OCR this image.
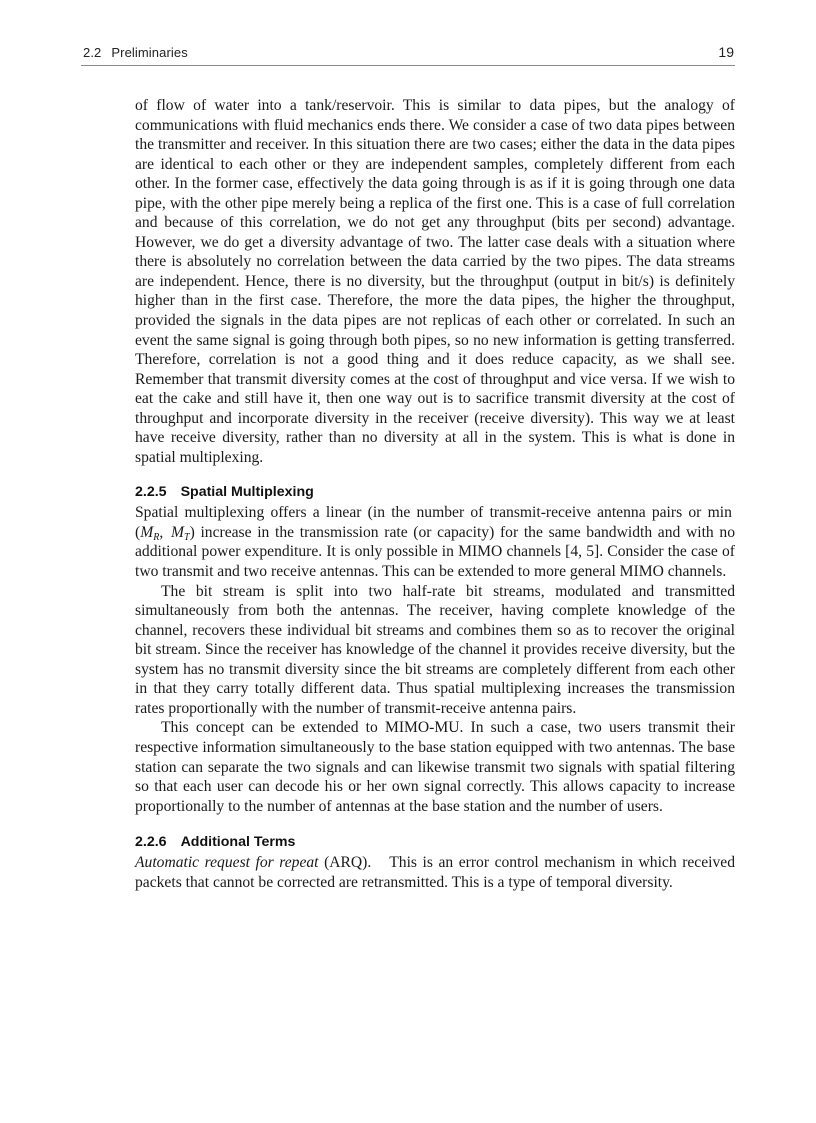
2.2 Preliminaries	19

of flow of water into a tank/reservoir. This is similar to data pipes, but the analogy of communications with fluid mechanics ends there. We consider a case of two data pipes between the transmitter and receiver. In this situation there are two cases; either the data in the data pipes are identical to each other or they are independent samples, completely different from each other. In the former case, effectively the data going through is as if it is going through one data pipe, with the other pipe merely being a replica of the first one. This is a case of full correlation and because of this correlation, we do not get any throughput (bits per second) advantage. However, we do get a diversity advantage of two. The latter case deals with a situation where there is absolutely no correlation between the data carried by the two pipes. The data streams are independent. Hence, there is no diversity, but the throughput (output in bit/s) is definitely higher than in the first case. Therefore, the more the data pipes, the higher the throughput, provided the signals in the data pipes are not replicas of each other or correlated. In such an event the same signal is going through both pipes, so no new information is getting transferred. Therefore, correlation is not a good thing and it does reduce capacity, as we shall see. Remember that transmit diversity comes at the cost of throughput and vice versa. If we wish to eat the cake and still have it, then one way out is to sacrifice transmit diversity at the cost of throughput and incorporate diversity in the receiver (receive diversity). This way we at least have receive diversity, rather than no diversity at all in the system. This is what is done in spatial multiplexing.

2.2.5 Spatial Multiplexing

Spatial multiplexing offers a linear (in the number of transmit-receive antenna pairs or $\min (M_R$, $M_T$) increase in the transmission rate (or capacity) for the same bandwidth and with no additional power expenditure. It is only possible in MIMO channels [4, 5]. Consider the case of two transmit and two receive antennas. This can be extended to more general MIMO channels.

The bit stream is split into two half-rate bit streams, modulated and transmitted simultaneously from both the antennas. The receiver, having complete knowledge of the channel, recovers these individual bit streams and combines them so as to recover the original bit stream. Since the receiver has knowledge of the channel it provides receive diversity, but the system has no transmit diversity since the bit streams are completely different from each other in that they carry totally different data. Thus spatial multiplexing increases the transmission rates proportionally with the number of transmit-receive antenna pairs.

This concept can be extended to MIMO-MU. In such a case, two users transmit their respective information simultaneously to the base station equipped with two antennas. The base station can separate the two signals and can likewise transmit two signals with spatial filtering so that each user can decode his or her own signal correctly. This allows capacity to increase proportionally to the number of antennas at the base station and the number of users.

2.2.6 Additional Terms

Automatic request for repeat (ARQ). This is an error control mechanism in which received packets that cannot be corrected are retransmitted. This is a type of temporal diversity.
